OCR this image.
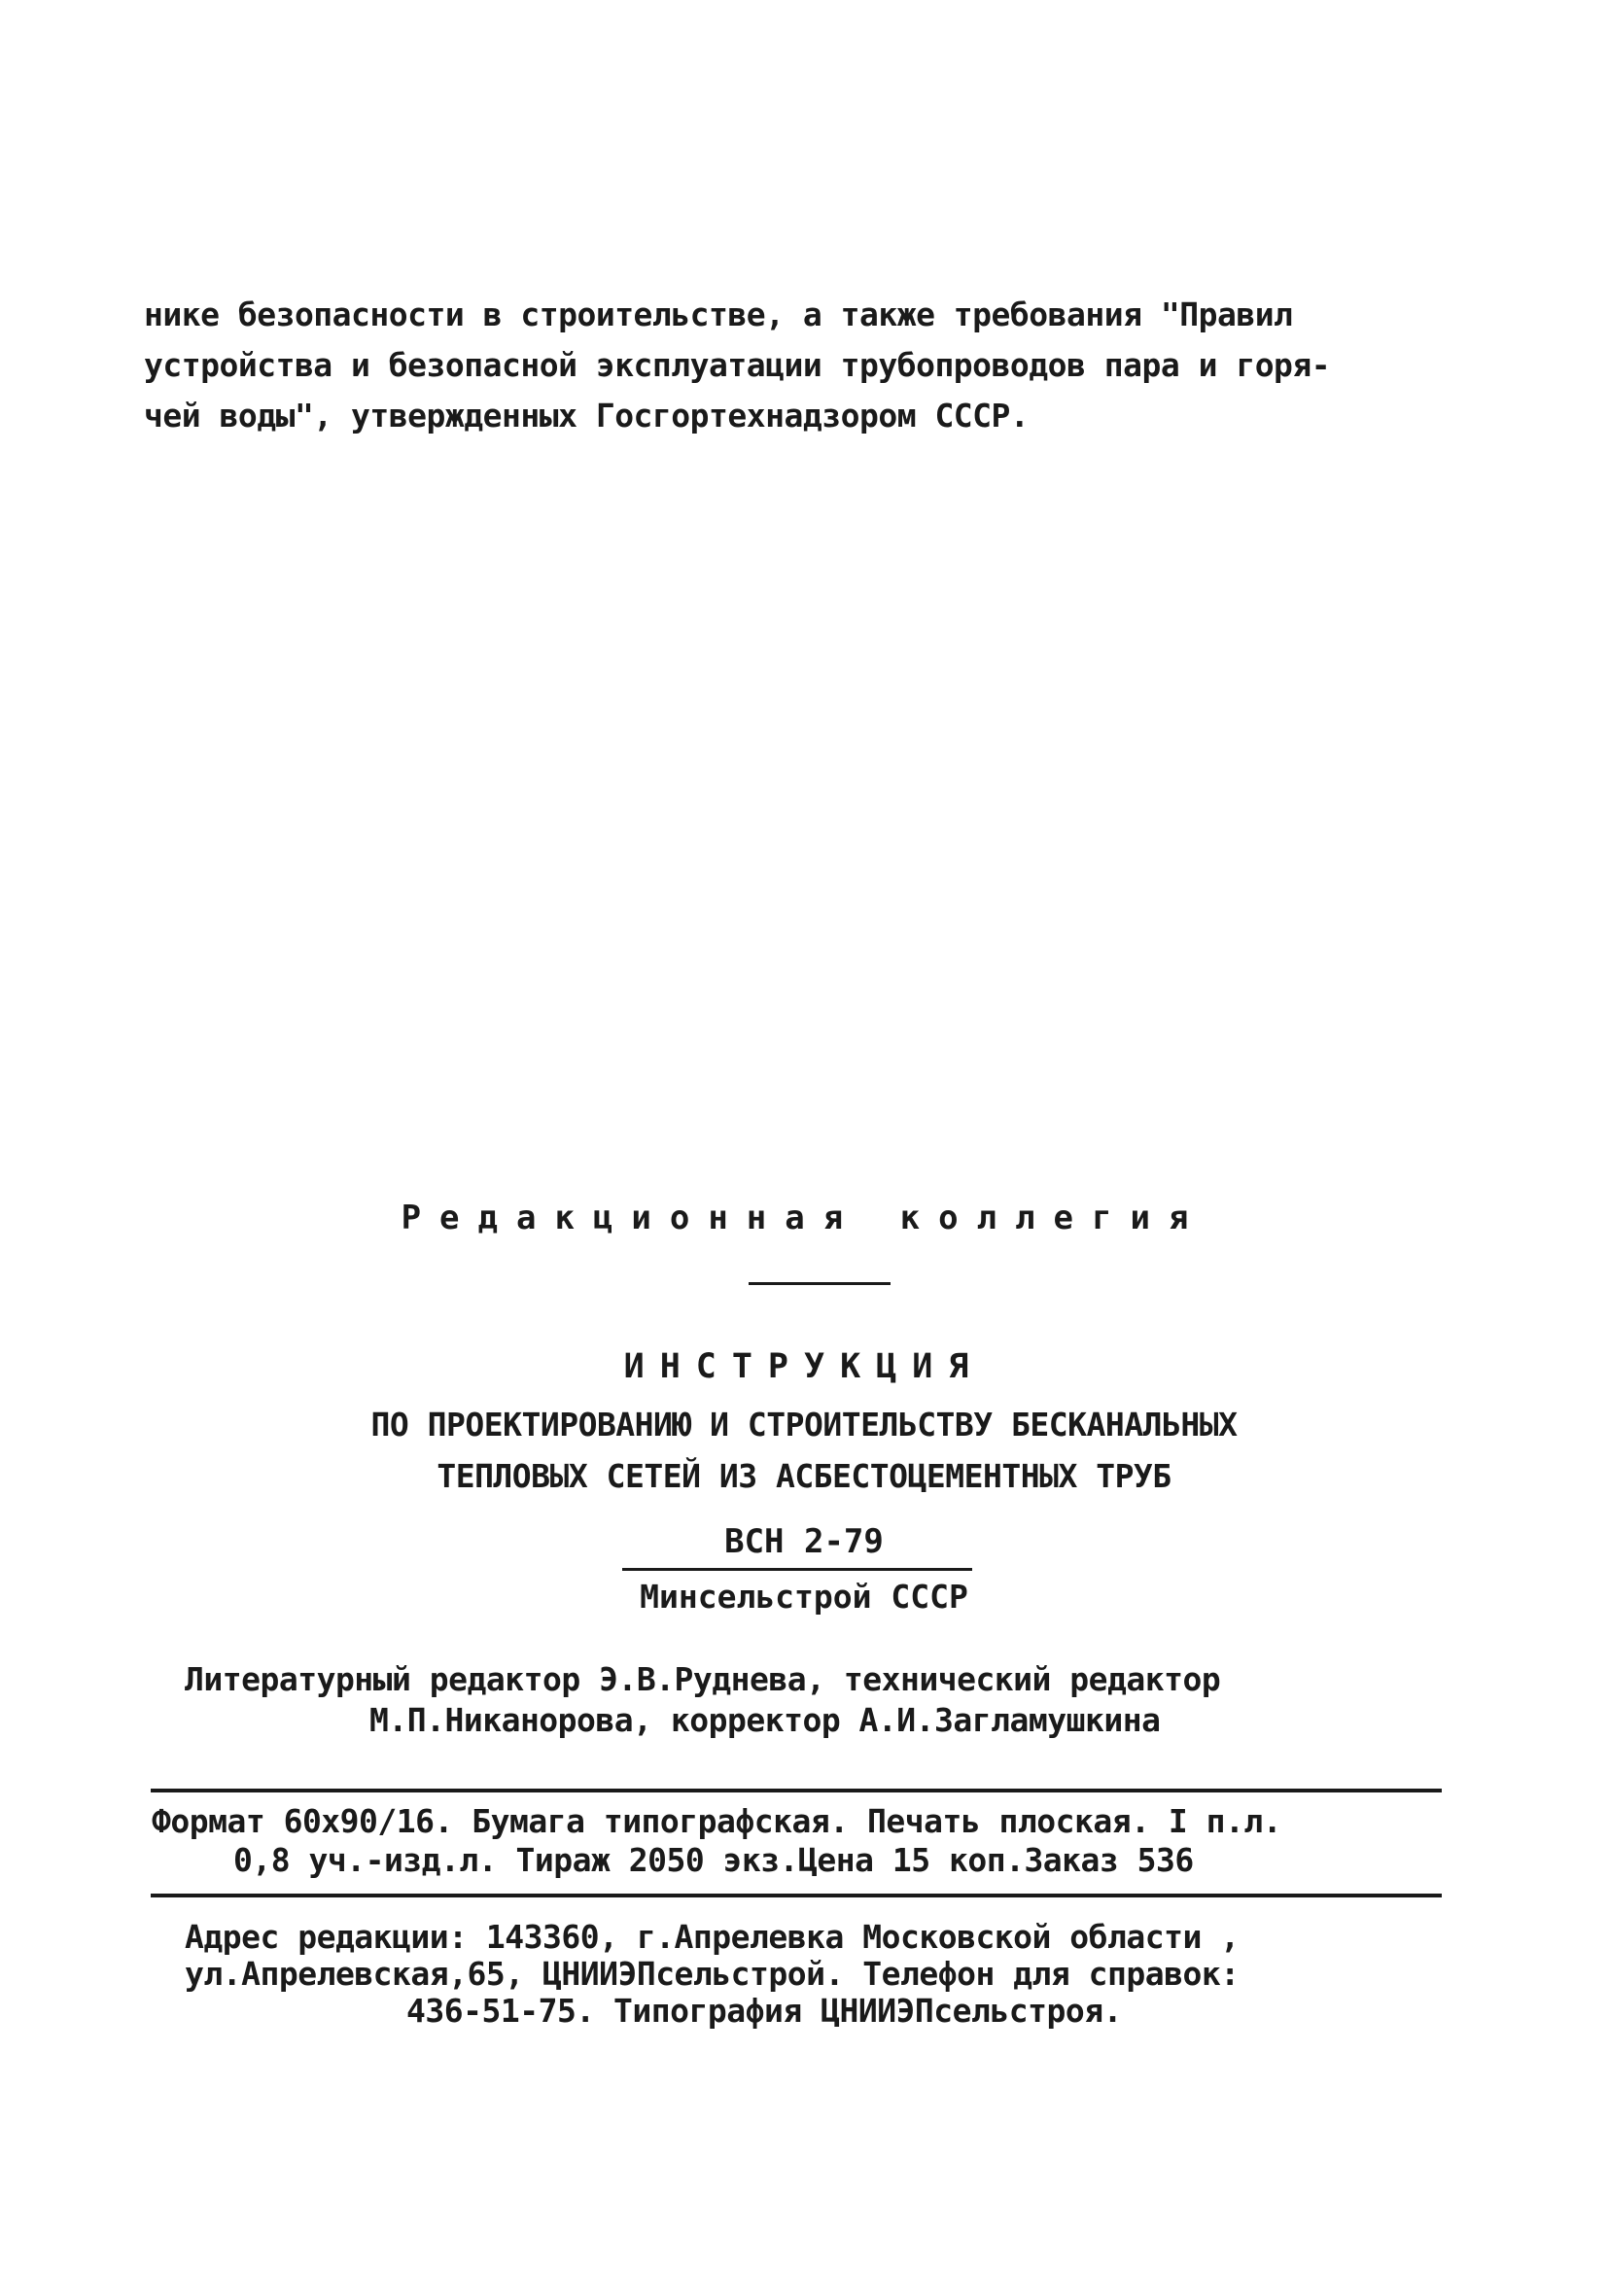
нике безопасности в строительстве, а также требования "Правил
устройства и безопасной эксплуатации трубопроводов пара и горя-
чей воды", утвержденных Госгортехнадзором СССР.
Редакционная коллегия
ИНСТРУКЦИЯ
ПО ПРОЕКТИРОВАНИЮ И СТРОИТЕЛЬСТВУ БЕСКАНАЛЬНЫХ
ТЕПЛОВЫХ СЕТЕЙ ИЗ АСБЕСТОЦЕМЕНТНЫХ ТРУБ
ВСН 2-79
Минсельстрой СССР
Литературный редактор Э.В.Руднева, технический редактор
М.П.Никанорова, корректор А.И.Загламушкина
Формат 60х90/16. Бумага типографская. Печать плоская. I п.л.
0,8 уч.-изд.л. Тираж 2050 экз.Цена 15 коп.Заказ 536
Адрес редакции: 143360, г.Апрелевка Московской области ,
ул.Апрелевская,65, ЦНИИЭПсельстрой. Телефон для справок:
436-51-75. Типография ЦНИИЭПсельстроя.
